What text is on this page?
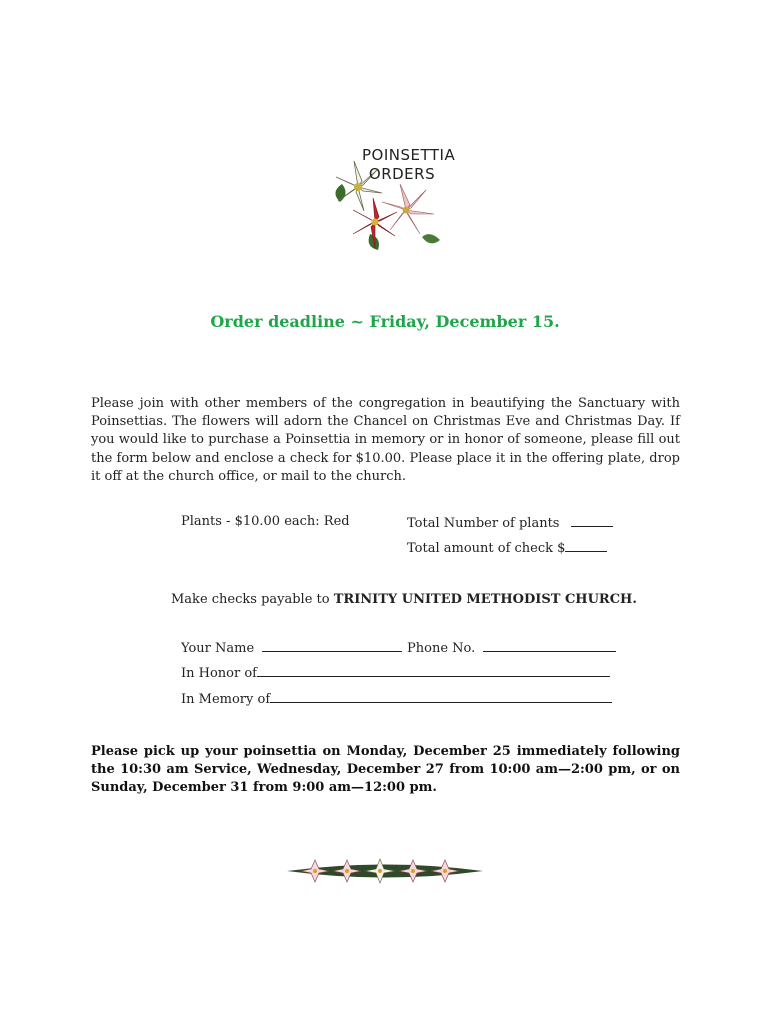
POINSETTIA
ORDERS
Order deadline ~ Friday, December 15.
Please join with other members of the congregation in beautifying the Sanctuary with Poinsettias. The flowers will adorn the Chancel on Christmas Eve and Christmas Day. If you would like to purchase a Poinsettia in memory or in honor of someone, please fill out the form below and enclose a check for $10.00. Please place it in the offering plate, drop it off at the church office, or mail to the church.
Plants - $10.00 each: Red	Total Number of plants
Total amount of check $
Make checks payable to TRINITY UNITED METHODIST CHURCH.
Your Name	Phone No.
In Honor of
In Memory of
Please pick up your poinsettia on Monday, December 25 immediately following the 10:30 am Service, Wednesday, December 27 from 10:00 am—2:00 pm, or on Sunday, December 31 from 9:00 am—12:00 pm.
